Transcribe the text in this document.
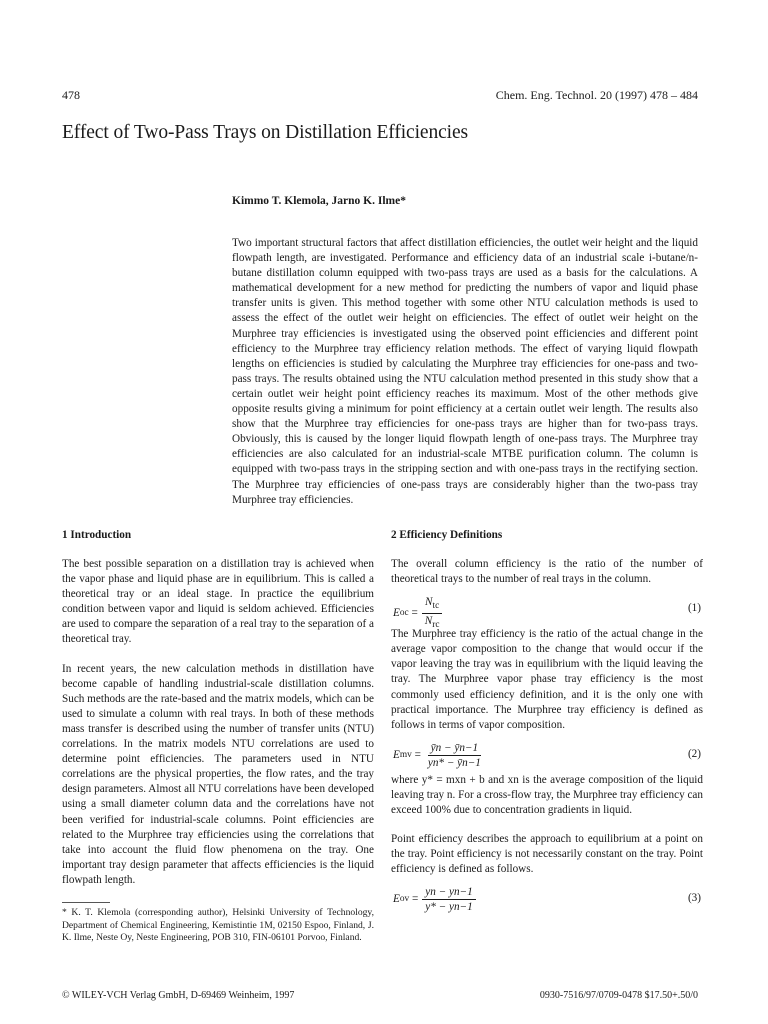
478	Chem. Eng. Technol. 20 (1997) 478 – 484
Effect of Two-Pass Trays on Distillation Efficiencies
Kimmo T. Klemola, Jarno K. Ilme*

Two important structural factors that affect distillation efficiencies, the outlet weir height and the liquid flowpath length, are investigated. Performance and efficiency data of an industrial scale i-butane/n-butane distillation column equipped with two-pass trays are used as a basis for the calculations. A mathematical development for a new method for predicting the numbers of vapor and liquid phase transfer units is given. This method together with some other NTU calculation methods is used to assess the effect of the outlet weir height on efficiencies. The effect of outlet weir height on the Murphree tray efficiencies is investigated using the observed point efficiencies and different point efficiency to the Murphree tray efficiency relation methods. The effect of varying liquid flowpath lengths on efficiencies is studied by calculating the Murphree tray efficiencies for one-pass and two-pass trays. The results obtained using the NTU calculation method presented in this study show that a certain outlet weir height point efficiency reaches its maximum. Most of the other methods give opposite results giving a minimum for point efficiency at a certain outlet weir length. The results also show that the Murphree tray efficiencies for one-pass trays are higher than for two-pass trays. Obviously, this is caused by the longer liquid flowpath length of one-pass trays. The Murphree tray efficiencies are also calculated for an industrial-scale MTBE purification column. The column is equipped with two-pass trays in the stripping section and with one-pass trays in the rectifying section. The Murphree tray efficiencies of one-pass trays are considerably higher than the two-pass tray Murphree tray efficiencies.

1 Introduction

The best possible separation on a distillation tray is achieved when the vapor phase and liquid phase are in equilibrium. This is called a theoretical tray or an ideal stage. In practice the equilibrium condition between vapor and liquid is seldom achieved. Efficiencies are used to compare the separation of a real tray to the separation of a theoretical tray.

In recent years, the new calculation methods in distillation have become capable of handling industrial-scale distillation columns. Such methods are the rate-based and the matrix models, which can be used to simulate a column with real trays. In both of these methods mass transfer is described using the number of transfer units (NTU) correlations. In the matrix models NTU correlations are used to determine point efficiencies. The parameters used in NTU correlations are the physical properties, the flow rates, and the tray design parameters. Almost all NTU correlations have been developed using a small diameter column data and the correlations have not been verified for industrial-scale columns. Point efficiencies are related to the Murphree tray efficiencies using the correlations that take into account the fluid flow phenomena on the tray. One important tray design parameter that affects efficiencies is the liquid flowpath length.

* K. T. Klemola (corresponding author), Helsinki University of Technology, Department of Chemical Engineering, Kemistintie 1M, 02150 Espoo, Finland, J. K. Ilme, Neste Oy, Neste Engineering, POB 310, FIN-06101 Porvoo, Finland.

2 Efficiency Definitions

The overall column efficiency is the ratio of the number of theoretical trays to the number of real trays in the column.

E oc = $\frac{N_{tc}}{N_{rc}}$	(1)

The Murphree tray efficiency is the ratio of the actual change in the average vapor composition to the change that would occur if the vapor leaving the tray was in equilibrium with the liquid leaving the tray. The Murphree vapor phase tray efficiency is the most commonly used efficiency definition, and it is the only one with practical importance. The Murphree tray efficiency is defined as follows in terms of vapor composition.

E mv = $\frac{ȳn - ȳn-1}{yn* - ȳn-1}$	(2)

where y* = mxn + b and xn is the average composition of the liquid leaving tray n. For a cross-flow tray, the Murphree tray efficiency can exceed 100% due to concentration gradients in liquid.

Point efficiency describes the approach to equilibrium at a point on the tray. Point efficiency is not necessarily constant on the tray. Point efficiency is defined as follows.

E ov = $\frac{yn - yn-1}{y* - yn-1}$	(3)
© WILEY-VCH Verlag GmbH, D-69469 Weinheim, 1997	0930-7516/97/0709-0478 $17.50+.50/0
